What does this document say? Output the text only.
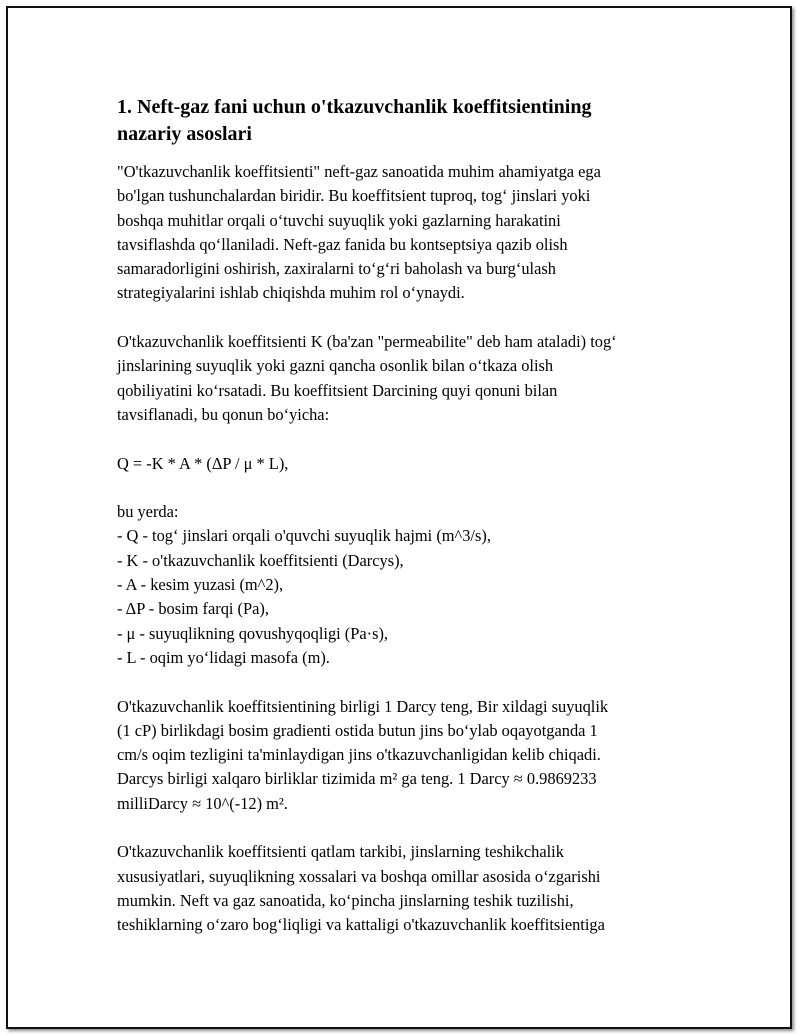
1. Neft-gaz fani uchun o'tkazuvchanlik koeffitsientining
nazariy asoslari

"O'tkazuvchanlik koeffitsienti" neft-gaz sanoatida muhim ahamiyatga ega
bo'lgan tushunchalardan biridir. Bu koeffitsient tuproq, tog‘ jinslari yoki
boshqa muhitlar orqali o‘tuvchi suyuqlik yoki gazlarning harakatini
tavsiflashda qo‘llaniladi. Neft-gaz fanida bu kontseptsiya qazib olish
samaradorligini oshirish, zaxiralarni to‘g‘ri baholash va burg‘ulash
strategiyalarini ishlab chiqishda muhim rol o‘ynaydi.

O'tkazuvchanlik koeffitsienti K (ba'zan "permeabilite" deb ham ataladi) tog‘
jinslarining suyuqlik yoki gazni qancha osonlik bilan o‘tkaza olish
qobiliyatini ko‘rsatadi. Bu koeffitsient Darcining quyi qonuni bilan
tavsiflanadi, bu qonun bo‘yicha:

Q = -K * A * (ΔP / μ * L),

bu yerda:

- Q - tog‘ jinslari orqali o'quvchi suyuqlik hajmi (m^3/s),
- K - o'tkazuvchanlik koeffitsienti (Darcys),
- A - kesim yuzasi (m^2),
- ΔP - bosim farqi (Pa),
- μ - suyuqlikning qovushyqoqligi (Pa·s),
- L - oqim yo‘lidagi masofa (m).

O'tkazuvchanlik koeffitsientining birligi 1 Darcy teng, Bir xildagi suyuqlik
(1 cP) birlikdagi bosim gradienti ostida butun jins bo‘ylab oqayotganda 1
cm/s oqim tezligini ta'minlaydigan jins o'tkazuvchanligidan kelib chiqadi.
Darcys birligi xalqaro birliklar tizimida m² ga teng. 1 Darcy ≈ 0.9869233
milliDarcy ≈ 10^(-12) m².

O'tkazuvchanlik koeffitsienti qatlam tarkibi, jinslarning teshikchalik
xususiyatlari, suyuqlikning xossalari va boshqa omillar asosida o‘zgarishi
mumkin. Neft va gaz sanoatida, ko‘pincha jinslarning teshik tuzilishi,
teshiklarning o‘zaro bog‘liqligi va kattaligi o'tkazuvchanlik koeffitsientiga
